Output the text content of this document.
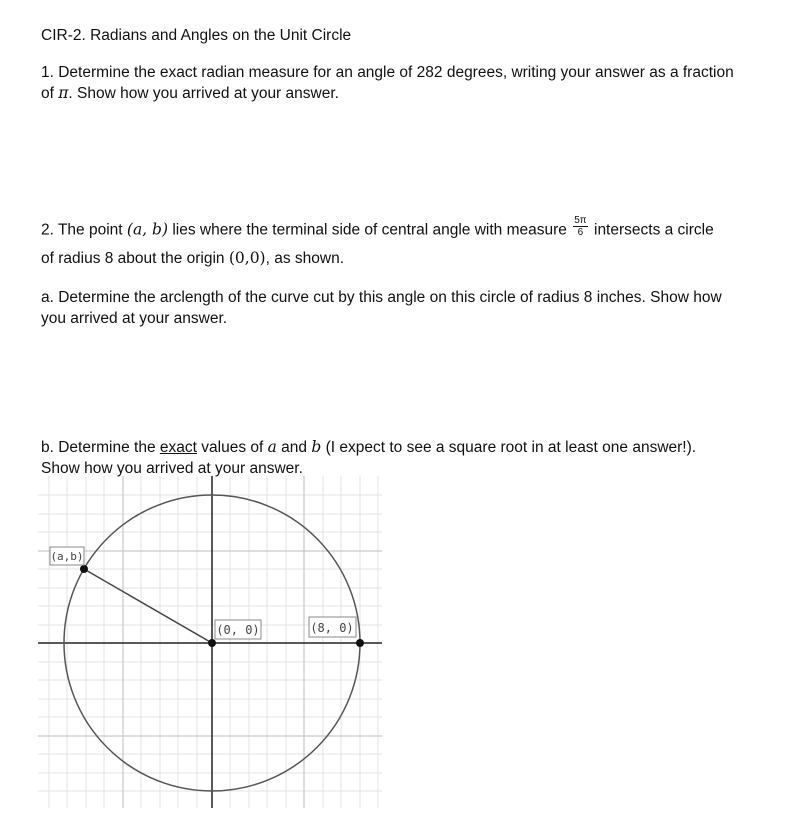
CIR-2. Radians and Angles on the Unit Circle

1. Determine the exact radian measure for an angle of 282 degrees, writing your answer as a fraction
of π. Show how you arrived at your answer.

2. The point (a, b) lies where the terminal side of central angle with measure $\frac{5\pi}{6}$ intersects a circle

of radius 8 about the origin (0,0), as shown.

a. Determine the arclength of the curve cut by this angle on this circle of radius 8 inches. Show how
you arrived at your answer.

b. Determine the exact values of a and b (I expect to see a square root in at least one answer!).
Show how you arrived at your answer.

(a,b)
(0, 0)	(8, 0)
